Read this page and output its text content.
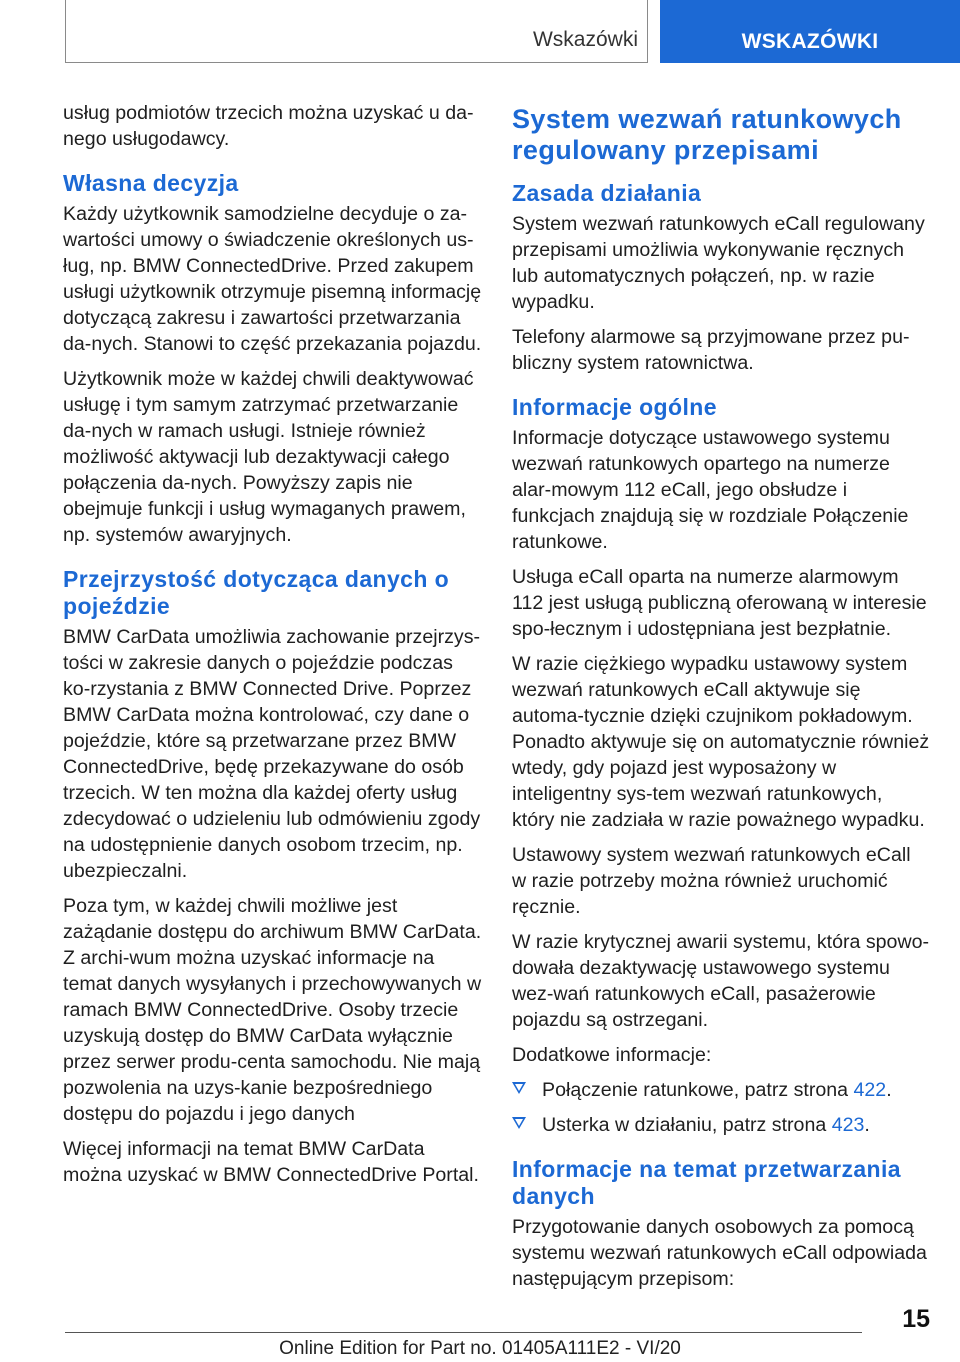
Wskazówki	WSKAZÓWKI

usług podmiotów trzecich można uzyskać u da-nego usługodawcy.

Własna decyzja

Każdy użytkownik samodzielne decyduje o za-wartości umowy o świadczenie określonych us-ług, np. BMW ConnectedDrive. Przed zakupem usługi użytkownik otrzymuje pisemną informację dotyczącą zakresu i zawartości przetwarzania da-nych. Stanowi to część przekazania pojazdu.

Użytkownik może w każdej chwili deaktywować usługę i tym samym zatrzymać przetwarzanie da-nych w ramach usługi. Istnieje również możliwość aktywacji lub dezaktywacji całego połączenia da-nych. Powyższy zapis nie obejmuje funkcji i usług wymaganych prawem, np. systemów awaryjnych.

Przejrzystość dotycząca danych o pojeździe

BMW CarData umożliwia zachowanie przejrzys-tości w zakresie danych o pojeździe podczas ko-rzystania z BMW Connected Drive. Poprzez BMW CarData można kontrolować, czy dane o pojeździe, które są przetwarzane przez BMW ConnectedDrive, będę przekazywane do osób trzecich. W ten można dla każdej oferty usług zdecydować o udzieleniu lub odmówieniu zgody na udostępnienie danych osobom trzecim, np. ubezpieczalni.

Poza tym, w każdej chwili możliwe jest zażądanie dostępu do archiwum BMW CarData. Z archi-wum można uzyskać informacje na temat danych wysyłanych i przechowywanych w ramach BMW ConnectedDrive. Osoby trzecie uzyskują dostęp do BMW CarData wyłącznie przez serwer produ-centa samochodu. Nie mają pozwolenia na uzys-kanie bezpośredniego dostępu do pojazdu i jego danych

Więcej informacji na temat BMW CarData można uzyskać w BMW ConnectedDrive Portal.

System wezwań ratunkowych regulowany przepisami
Zasada działania

System wezwań ratunkowych eCall regulowany przepisami umożliwia wykonywanie ręcznych lub automatycznych połączeń, np. w razie wypadku.

Telefony alarmowe są przyjmowane przez pu-bliczny system ratownictwa.

Informacje ogólne

Informacje dotyczące ustawowego systemu wezwań ratunkowych opartego na numerze alar-mowym 112 eCall, jego obsłudze i funkcjach znajdują się w rozdziale Połączenie ratunkowe.

Usługa eCall oparta na numerze alarmowym 112 jest usługą publiczną oferowaną w interesie spo-łecznym i udostępniana jest bezpłatnie.

W razie ciężkiego wypadku ustawowy system wezwań ratunkowych eCall aktywuje się automa-tycznie dzięki czujnikom pokładowym. Ponadto aktywuje się on automatycznie również wtedy, gdy pojazd jest wyposażony w inteligentny sys-tem wezwań ratunkowych, który nie zadziała w razie poważnego wypadku.

Ustawowy system wezwań ratunkowych eCall w razie potrzeby można również uruchomić ręcznie.

W razie krytycznej awarii systemu, która spowo-dowała dezaktywację ustawowego systemu wez-wań ratunkowych eCall, pasażerowie pojazdu są ostrzegani.

Dodatkowe informacje:

Połączenie ratunkowe, patrz strona 422.
Usterka w działaniu, patrz strona 423.
Informacje na temat przetwarzania danych

Przygotowanie danych osobowych za pomocą systemu wezwań ratunkowych eCall odpowiada następującym przepisom:

15
Online Edition for Part no. 01405A111E2 - VI/20
